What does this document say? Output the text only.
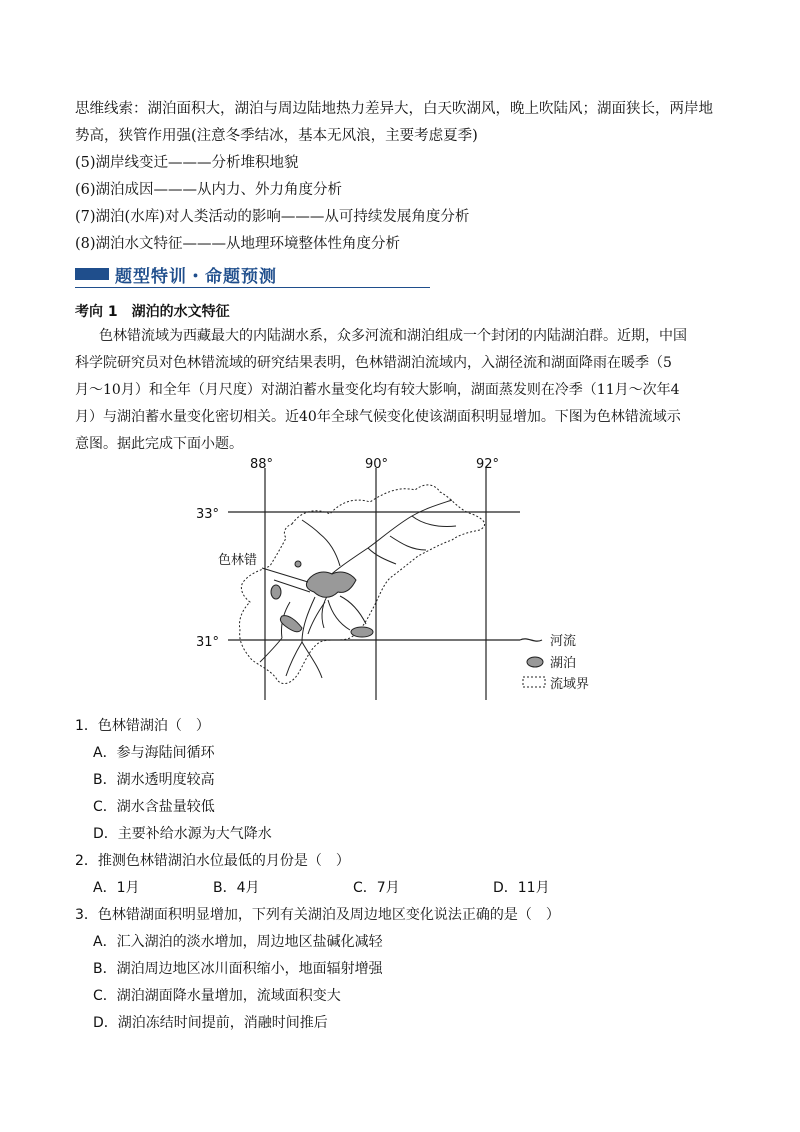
思维线索：湖泊面积大，湖泊与周边陆地热力差异大，白天吹湖风，晚上吹陆风；湖面狭长，两岸地
势高，狭管作用强(注意冬季结冰，基本无风浪，主要考虑夏季)
(5)湖岸线变迁———分析堆积地貌
(6)湖泊成因———从内力、外力角度分析
(7)湖泊(水库)对人类活动的影响———从可持续发展角度分析
(8)湖泊水文特征———从地理环境整体性角度分析
题型特训・命题预测
考向 1　湖泊的水文特征
色林错流域为西藏最大的内陆湖水系，众多河流和湖泊组成一个封闭的内陆湖泊群。近期，中国
科学院研究员对色林错流域的研究结果表明，色林错湖泊流域内，入湖径流和湖面降雨在暖季（5
月～10月）和全年（月尺度）对湖泊蓄水量变化均有较大影响，湖面蒸发则在冷季（11月～次年4
月）与湖泊蓄水量变化密切相关。近40年全球气候变化使该湖面积明显增加。下图为色林错流域示
意图。据此完成下面小题。
88°	90°	92°
33°
31°
色林错
河流
湖泊
流域界
1．色林错湖泊（　）
A．参与海陆间循环
B．湖水透明度较高
C．湖水含盐量较低
D．主要补给水源为大气降水
2．推测色林错湖泊水位最低的月份是（　）
A．1月	B．4月	C．7月	D．11月
3．色林错湖面积明显增加，下列有关湖泊及周边地区变化说法正确的是（　）
A．汇入湖泊的淡水增加，周边地区盐碱化减轻
B．湖泊周边地区冰川面积缩小，地面辐射增强
C．湖泊湖面降水量增加，流域面积变大
D．湖泊冻结时间提前，消融时间推后
